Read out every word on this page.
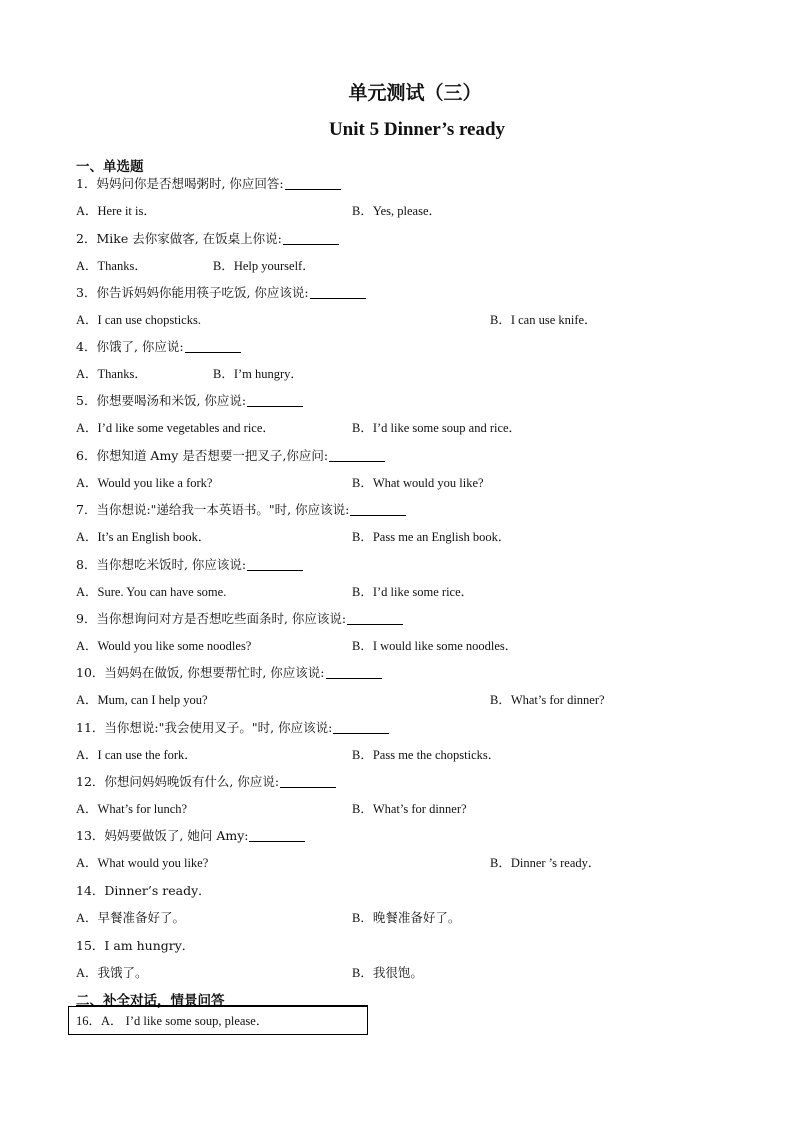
单元测试（三）
Unit 5 Dinner’s ready
一、单选题
1．妈妈问你是否想喝粥时, 你应回答:
A．Here it is．	B．Yes, please．
2．Mike 去你家做客, 在饭桌上你说:
A．Thanks．	B．Help yourself．
3．你告诉妈妈你能用筷子吃饭, 你应该说:
A．I can use chopsticks.	B．I can use knife．
4．你饿了, 你应说:
A．Thanks．	B．I’m hungry．
5．你想要喝汤和米饭, 你应说:
A．I’d like some vegetables and rice．	B．I’d like some soup and rice．
6．你想知道 Amy 是否想要一把叉子,你应问:
A．Would you like a fork?	B．What would you like?
7．当你想说:"递给我一本英语书。"时, 你应该说:
A．It’s an English book．	B．Pass me an English book．
8．当你想吃米饭时, 你应该说:
A．Sure. You can have some.	B．I’d like some rice．
9．当你想询问对方是否想吃些面条时, 你应该说:
A．Would you like some noodles?	B．I would like some noodles．
10．当妈妈在做饭, 你想要帮忙时, 你应该说:
A．Mum, can I help you?	B．What’s for dinner?
11．当你想说:"我会使用叉子。"时, 你应该说:
A．I can use the fork．	B．Pass me the chopsticks．
12．你想问妈妈晚饭有什么, 你应说:
A．What’s for lunch?	B．What’s for dinner?
13．妈妈要做饭了, 她问 Amy:
A．What would you like?	B．Dinner ’s ready．
14．Dinner’s ready．
A．早餐准备好了。	B．晚餐准备好了。
15．I am hungry．
A．我饿了。	B．我很饱。
二、补全对话，情景问答
16．A． I’d like some soup, please．
